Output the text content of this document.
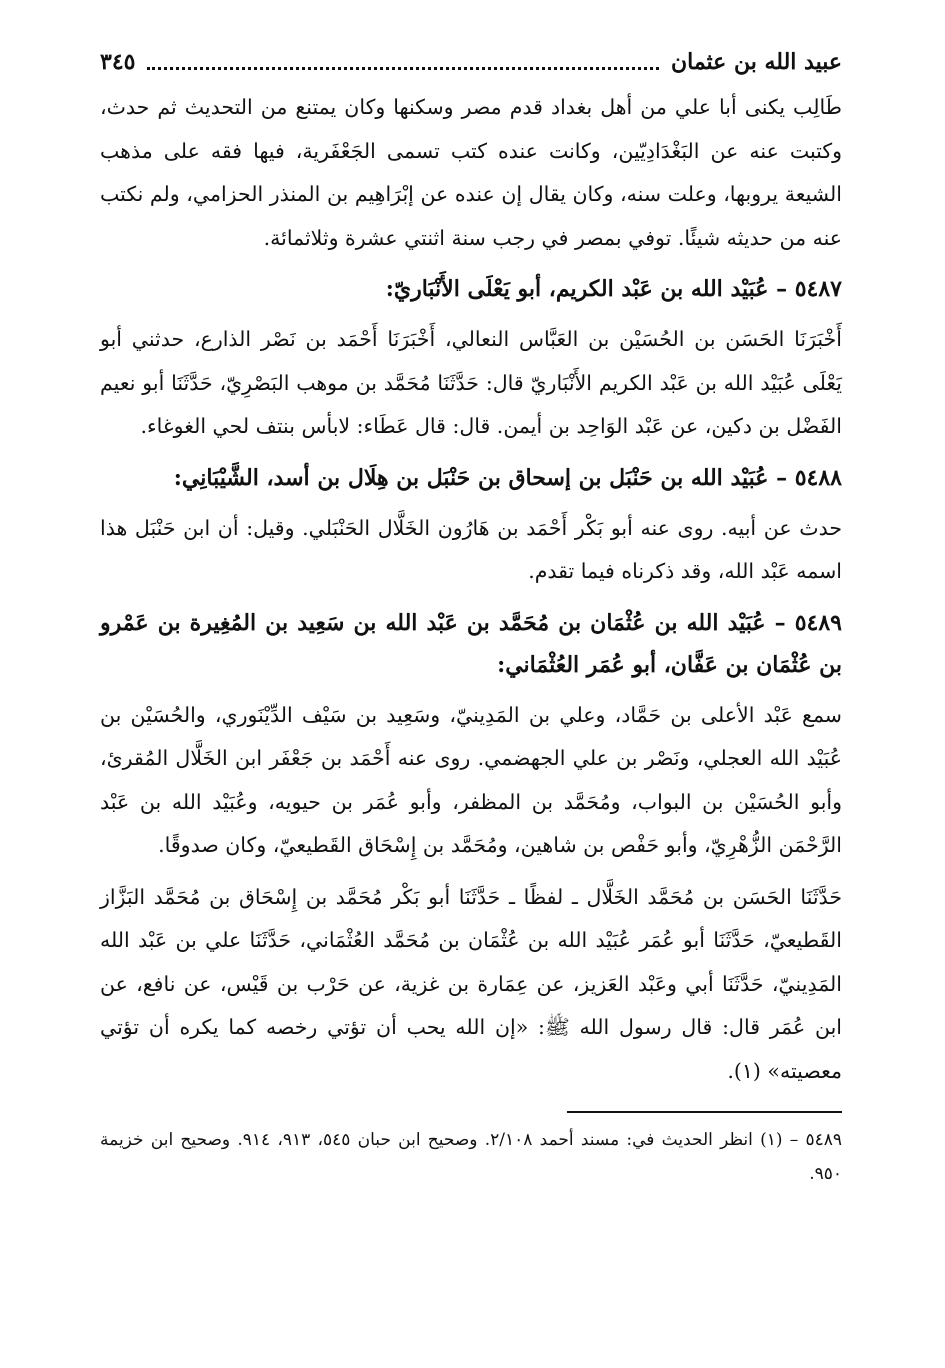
عبيد الله بن عثمان
٣٤٥

طَالِب يكنى أبا علي من أهل بغداد قدم مصر وسكنها وكان يمتنع من التحديث ثم حدث، وكتبت عنه عن البَغْدَادِيّين، وكانت عنده كتب تسمى الجَعْفَرية، فيها فقه على مذهب الشيعة يروبها، وعلت سنه، وكان يقال إن عنده عن إبْرَاهِيم بن المنذر الحزامي، ولم نكتب عنه من حديثه شيئًا. توفي بمصر في رجب سنة اثنتي عشرة وثلاثمائة.

٥٤٨٧ – عُبَيْد الله بن عَبْد الكريم، أبو يَعْلَى الأَنْبَاريّ:

أَخْبَرَنَا الحَسَن بن الحُسَيْن بن العَبَّاس النعالي، أَخْبَرَنَا أَحْمَد بن نَصْر الذارع، حدثني أبو يَعْلَى عُبَيْد الله بن عَبْد الكريم الأَنْبَاريّ قال: حَدَّثَنَا مُحَمَّد بن موهب البَصْرِيّ، حَدَّثَنَا أبو نعيم الفَضْل بن دكين، عن عَبْد الوَاحِد بن أيمن. قال: قال عَطَاء: لابأس بنتف لحي الغوغاء.

٥٤٨٨ – عُبَيْد الله بن حَنْبَل بن إسحاق بن حَنْبَل بن هِلَال بن أسد، الشَّيْبَانِي:

حدث عن أبيه. روى عنه أبو بَكْر أَحْمَد بن هَارُون الخَلَّال الحَنْبَلي. وقيل: أن ابن حَنْبَل هذا اسمه عَبْد الله، وقد ذكرناه فيما تقدم.

٥٤٨٩ – عُبَيْد الله بن عُثْمَان بن مُحَمَّد بن عَبْد الله بن سَعِيد بن المُغِيرة بن عَمْرو بن عُثْمَان بن عَفَّان، أبو عُمَر العُثْمَاني:

سمع عَبْد الأعلى بن حَمَّاد، وعلي بن المَدِينيّ، وسَعِيد بن سَيْف الدِّيْنَوري، والحُسَيْن بن عُبَيْد الله العجلي، ونَصْر بن علي الجهضمي. روى عنه أَحْمَد بن جَعْفَر ابن الخَلَّال المُقرئ، وأبو الحُسَيْن بن البواب، ومُحَمَّد بن المظفر، وأبو عُمَر بن حيويه، وعُبَيْد الله بن عَبْد الرَّحْمَن الزُّهْرِيّ، وأبو حَفْص بن شاهين، ومُحَمَّد بن إِسْحَاق القَطيعيّ، وكان صدوقًا.

حَدَّثَنَا الحَسَن بن مُحَمَّد الخَلَّال ـ لفظًا ـ حَدَّثَنَا أبو بَكْر مُحَمَّد بن إِسْحَاق بن مُحَمَّد البَزَّاز القَطيعيّ، حَدَّثَنَا أبو عُمَر عُبَيْد الله بن عُثْمَان بن مُحَمَّد العُثْمَاني، حَدَّثَنَا علي بن عَبْد الله المَدِينيّ، حَدَّثَنَا أبي وعَبْد العَزيز، عن عِمَارة بن غزية، عن حَرْب بن قَيْس، عن نافع، عن ابن عُمَر قال: قال رسول الله ﷺ: «إن الله يحب أن تؤتي رخصه كما يكره أن تؤتي معصيته» (١).

٥٤٨٩ – (١) انظر الحديث في: مسند أحمد ٢/١٠٨. وصحيح ابن حبان ٥٤٥، ٩١٣، ٩١٤. وصحيح ابن خزيمة ٩٥٠.
